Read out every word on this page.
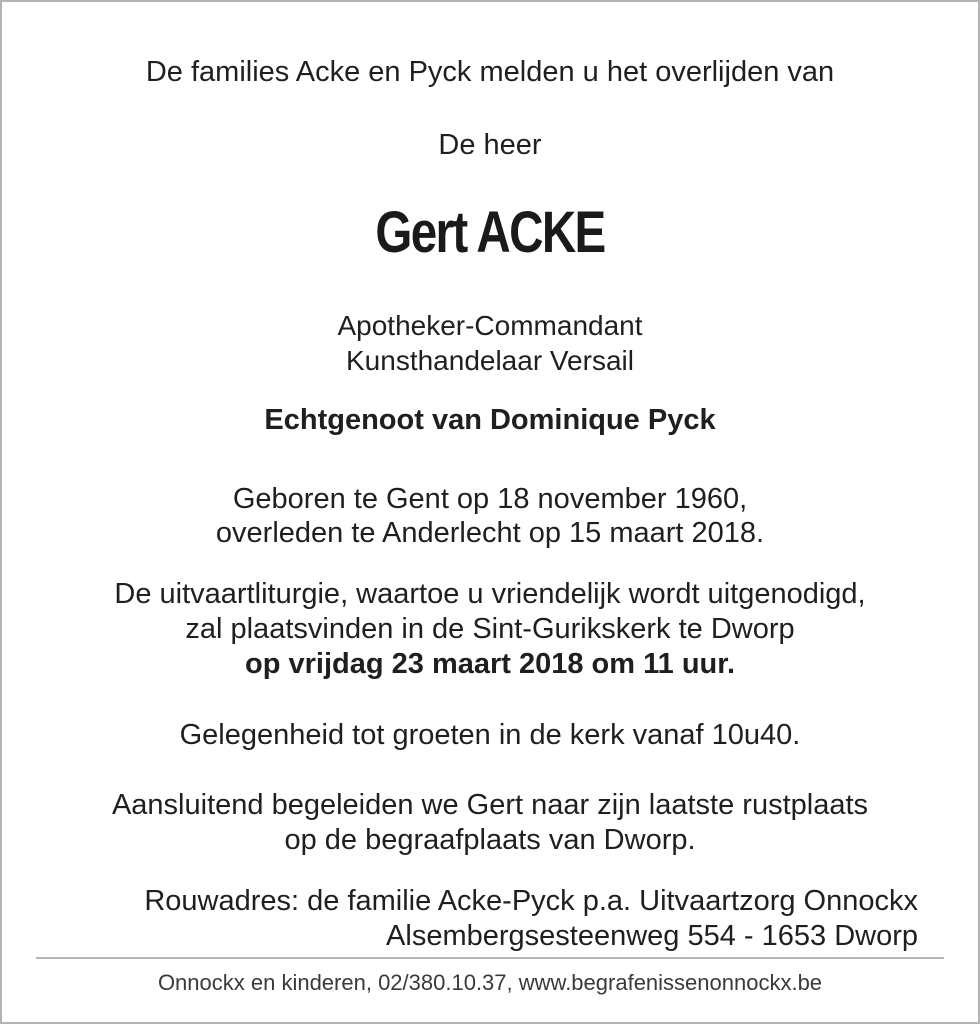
De families Acke en Pyck melden u het overlijden van
De heer
Gert ACKE
Apotheker-Commandant
Kunsthandelaar Versail
Echtgenoot van Dominique Pyck
Geboren te Gent op 18 november 1960,
overleden te Anderlecht op 15 maart 2018.
De uitvaartliturgie, waartoe u vriendelijk wordt uitgenodigd,
zal plaatsvinden in de Sint-Gurikskerk te Dworp
op vrijdag 23 maart 2018 om 11 uur.
Gelegenheid tot groeten in de kerk vanaf 10u40.
Aansluitend begeleiden we Gert naar zijn laatste rustplaats
op de begraafplaats van Dworp.
Rouwadres: de familie Acke-Pyck p.a. Uitvaartzorg Onnockx
Alsembergsesteenweg 554 - 1653 Dworp
Onnockx en kinderen, 02/380.10.37, www.begrafenissenonnockx.be
